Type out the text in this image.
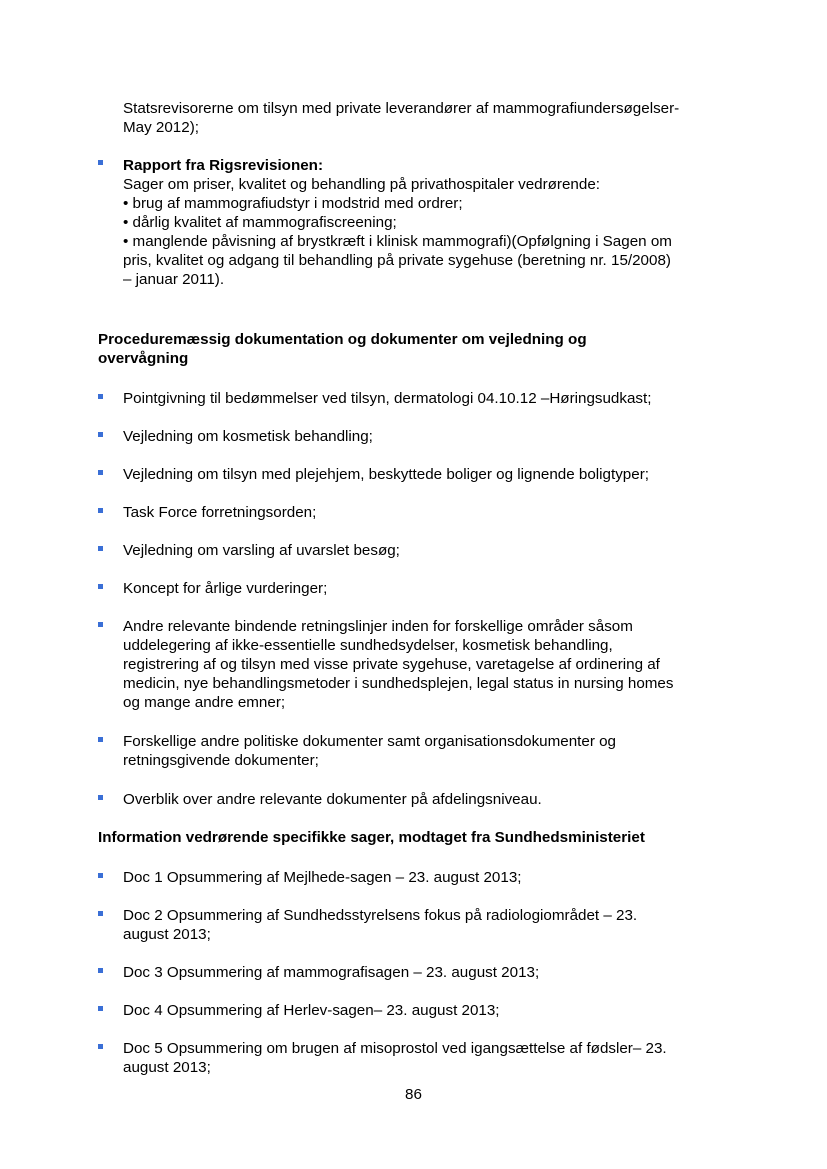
Statsrevisorerne om tilsyn med private leverandører af mammografiundersøgelser-
May 2012);
Rapport fra Rigsrevisionen:
Sager om priser, kvalitet og behandling på privathospitaler vedrørende:
• brug af mammografiudstyr i modstrid med ordrer;
• dårlig kvalitet af mammografiscreening;
• manglende påvisning af brystkræft i klinisk mammografi)(Opfølgning i Sagen om
pris, kvalitet og adgang til behandling på private sygehuse (beretning nr. 15/2008)
– januar 2011).
Proceduremæssig dokumentation og dokumenter om vejledning og
overvågning
Pointgivning til bedømmelser ved tilsyn, dermatologi 04.10.12 –Høringsudkast;
Vejledning om kosmetisk behandling;
Vejledning om tilsyn med plejehjem, beskyttede boliger og lignende boligtyper;
Task Force forretningsorden;
Vejledning om varsling af uvarslet besøg;
Koncept for årlige vurderinger;
Andre relevante bindende retningslinjer inden for forskellige områder såsom
uddelegering af ikke-essentielle sundhedsydelser, kosmetisk behandling,
registrering af og tilsyn med visse private sygehuse, varetagelse af ordinering af
medicin, nye behandlingsmetoder i sundhedsplejen, legal status in nursing homes
og mange andre emner;
Forskellige andre politiske dokumenter samt organisationsdokumenter og
retningsgivende dokumenter;
Overblik over andre relevante dokumenter på afdelingsniveau.
Information vedrørende specifikke sager, modtaget fra Sundhedsministeriet
Doc 1 Opsummering af Mejlhede-sagen – 23. august 2013;
Doc 2 Opsummering af Sundhedsstyrelsens fokus på radiologiområdet – 23.
august 2013;
Doc 3 Opsummering af mammografisagen – 23. august 2013;
Doc 4 Opsummering af Herlev-sagen– 23. august 2013;
Doc 5 Opsummering om brugen af misoprostol ved igangsættelse af fødsler– 23.
august 2013;
86
